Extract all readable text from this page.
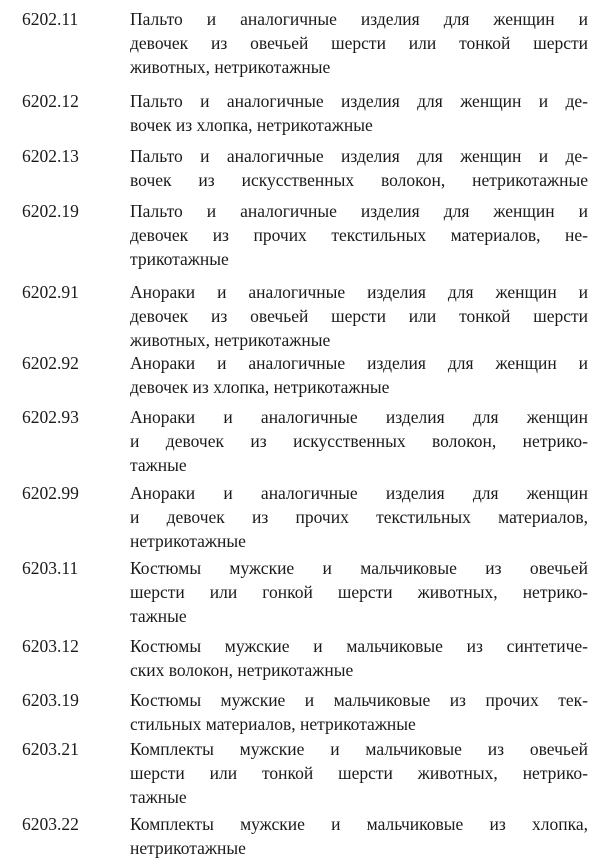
6202.11	Пальто и аналогичные изделия для женщин и
девочек из овечьей шерсти или тонкой шерсти
животных, нетрикотажные
6202.12	Пальто и аналогичные изделия для женщин и де-
вочек из хлопка, нетрикотажные
6202.13	Пальто и аналогичные изделия для женщин и де-
вочек из искусственных волокон, нетрикотажные
6202.19	Пальто и аналогичные изделия для женщин и
девочек из прочих текстильных материалов, не-
трикотажные
6202.91	Анораки и аналогичные изделия для женщин и
девочек из овечьей шерсти или тонкой шерсти
животных, нетрикотажные
6202.92	Анораки и аналогичные изделия для женщин и
девочек из хлопка, нетрикотажные
6202.93	Анораки и аналогичные изделия для женщин
и девочек из искусственных волокон, нетрико-
тажные
6202.99	Анораки и аналогичные изделия для женщин
и девочек из прочих текстильных материалов,
нетрикотажные
6203.11	Костюмы мужские и мальчиковые из овечьей
шерсти или гонкой шерсти животных, нетрико-
тажные
6203.12	Костюмы мужские и мальчиковые из синтетиче-
ских волокон, нетрикотажные
6203.19	Костюмы мужские и мальчиковые из прочих тек-
стильных материалов, нетрикотажные
6203.21	Комплекты мужские и мальчиковые из овечьей
шерсти или тонкой шерсти животных, нетрико-
тажные
6203.22	Комплекты мужские и мальчиковые из хлопка,
нетрикотажные
